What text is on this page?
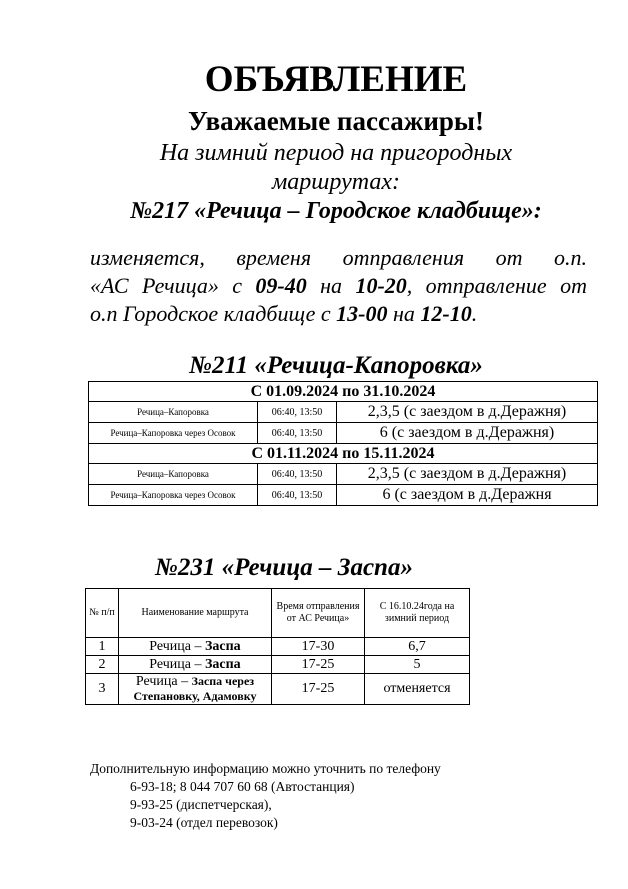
ОБЪЯВЛЕНИЕ
Уважаемые пассажиры!
На зимний период на пригородных
маршрутах:
№217 «Речица – Городское кладбище»:
изменяется, временя отправления от о.п.
«АС Речица» с 09-40 на 10-20, отправление от
о.п Городское кладбище с 13-00 на 12-10.
№211 «Речица-Капоровка»
С 01.09.2024 по 31.10.2024		
Речица–Капоровка	06:40, 13:50	2,3,5 (с заездом в д.Деражня)
Речица–Капоровка через Осовок	06:40, 13:50	6 (с заездом в д.Деражня)
С 01.11.2024 по 15.11.2024		
Речица–Капоровка	06:40, 13:50	2,3,5 (с заездом в д.Деражня)
Речица–Капоровка через Осовок	06:40, 13:50	6 (с заездом в д.Деражня
№231 «Речица – Заспа»
№ п/п	Наименование маршрута	Время отправления от АС Речица»	С 16.10.24года на зимний период
1	Речица – Заспа	17-30	6,7
2	Речица – Заспа	17-25	5
3	Речица – Заспа через Степановку, Адамовку	17-25	отменяется
Дополнительную информацию можно уточнить по телефону
6-93-18; 8 044 707 60 68 (Автостанция)
9-93-25 (диспетчерская),
9-03-24 (отдел перевозок)
